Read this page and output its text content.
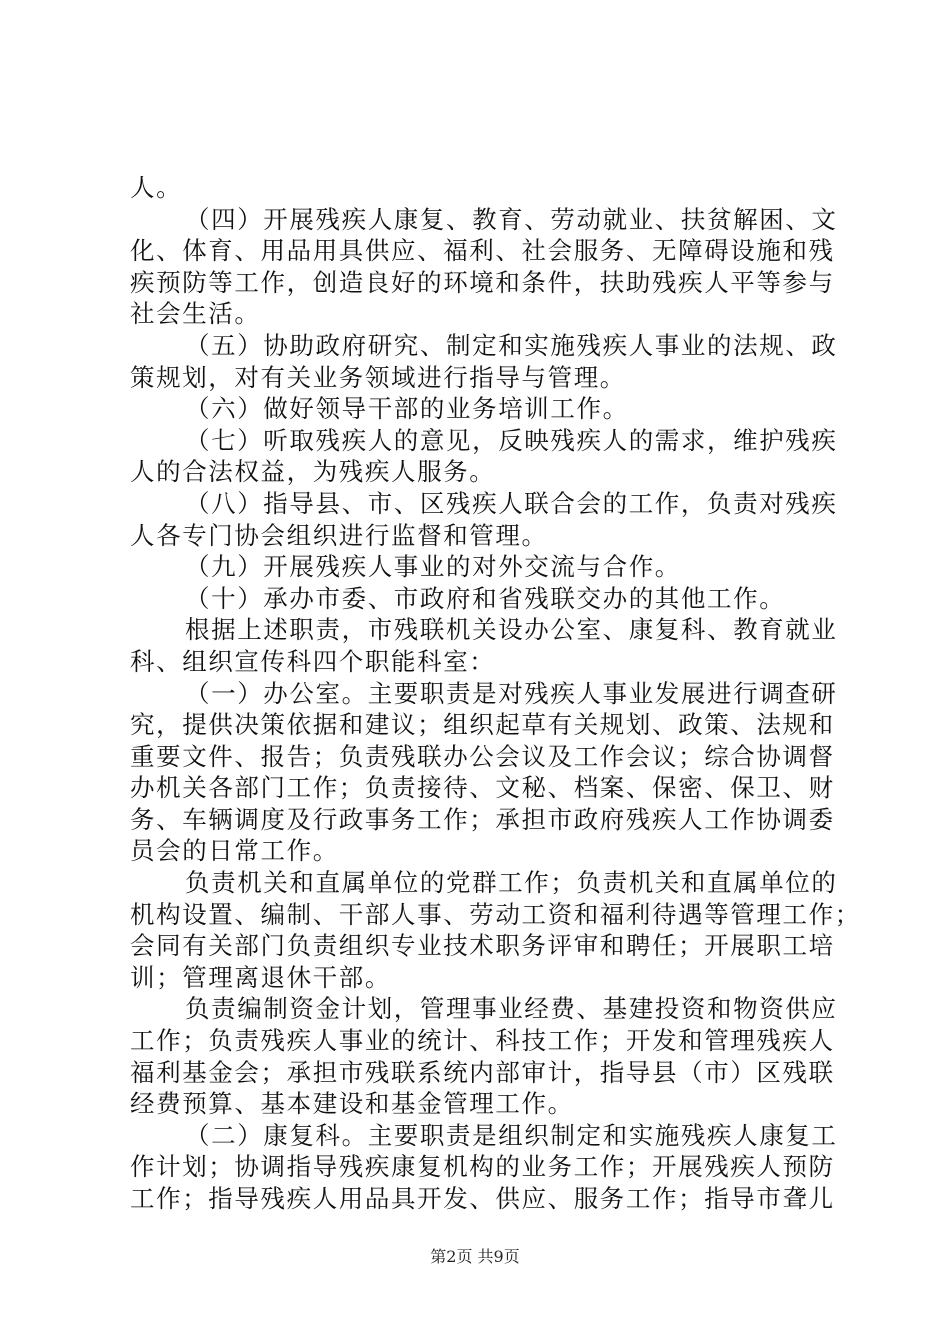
人。
（四）开展残疾人康复、教育、劳动就业、扶贫解困、文
化、体育、用品用具供应、福利、社会服务、无障碍设施和残
疾预防等工作，创造良好的环境和条件，扶助残疾人平等参与
社会生活。
（五）协助政府研究、制定和实施残疾人事业的法规、政
策规划，对有关业务领域进行指导与管理。
（六）做好领导干部的业务培训工作。
（七）听取残疾人的意见，反映残疾人的需求，维护残疾
人的合法权益，为残疾人服务。
（八）指导县、市、区残疾人联合会的工作，负责对残疾
人各专门协会组织进行监督和管理。
（九）开展残疾人事业的对外交流与合作。
（十）承办市委、市政府和省残联交办的其他工作。
根据上述职责，市残联机关设办公室、康复科、教育就业
科、组织宣传科四个职能科室：
（一）办公室。主要职责是对残疾人事业发展进行调查研
究，提供决策依据和建议；组织起草有关规划、政策、法规和
重要文件、报告；负责残联办公会议及工作会议；综合协调督
办机关各部门工作；负责接待、文秘、档案、保密、保卫、财
务、车辆调度及行政事务工作；承担市政府残疾人工作协调委
员会的日常工作。
负责机关和直属单位的党群工作；负责机关和直属单位的
机构设置、编制、干部人事、劳动工资和福利待遇等管理工作；
会同有关部门负责组织专业技术职务评审和聘任；开展职工培
训；管理离退休干部。
负责编制资金计划，管理事业经费、基建投资和物资供应
工作；负责残疾人事业的统计、科技工作；开发和管理残疾人
福利基金会；承担市残联系统内部审计，指导县（市）区残联
经费预算、基本建设和基金管理工作。
（二）康复科。主要职责是组织制定和实施残疾人康复工
作计划；协调指导残疾康复机构的业务工作；开展残疾人预防
工作；指导残疾人用品具开发、供应、服务工作；指导市聋儿
第2页 共9页
